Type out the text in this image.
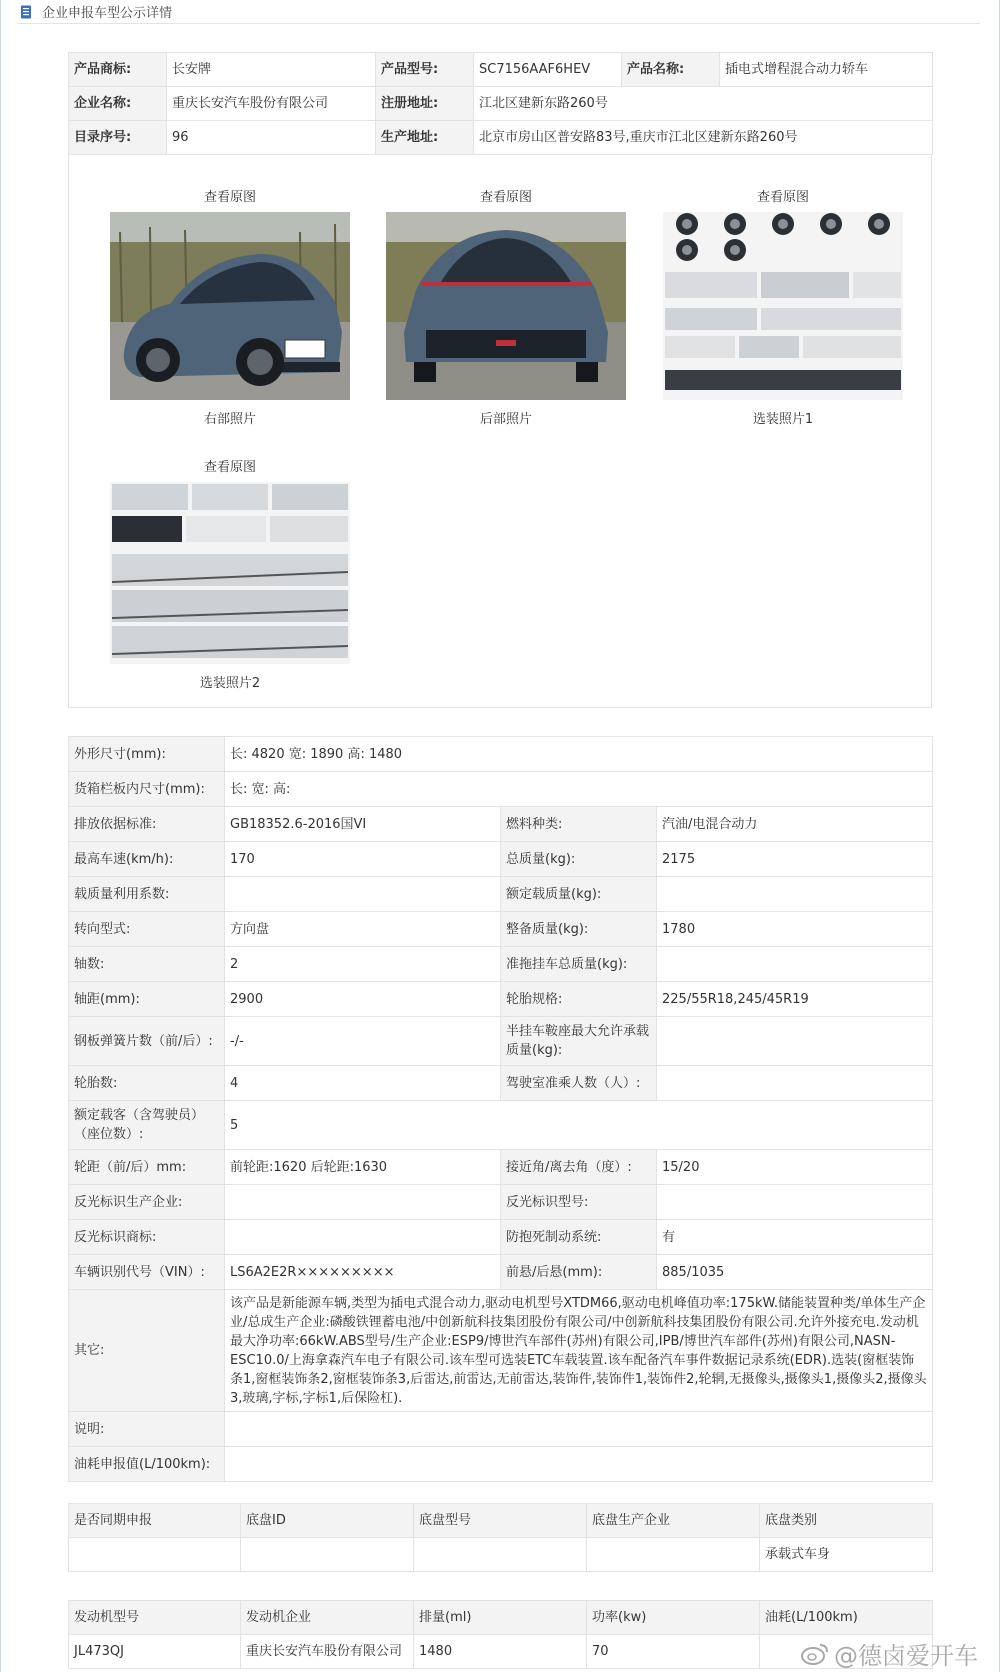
企业申报车型公示详情
产品商标:	长安牌	产品型号:	SC7156AAF6HEV	产品名称:	插电式增程混合动力轿车
企业名称:	重庆长安汽车股份有限公司	注册地址:	江北区建新东路260号		
目录序号:	96	生产地址:	北京市房山区普安路83号,重庆市江北区建新东路260号		
查看原图
右部照片
查看原图
后部照片
查看原图
选装照片1
查看原图
选装照片2
外形尺寸(mm):	长: 4820 宽: 1890 高: 1480		
货箱栏板内尺寸(mm):	长: 宽: 高:		
排放依据标准:	GB18352.6-2016国VI	燃料种类:	汽油/电混合动力
最高车速(km/h):	170	总质量(kg):	2175
载质量利用系数:		额定载质量(kg):	
转向型式:	方向盘	整备质量(kg):	1780
轴数:	2	准拖挂车总质量(kg):	
轴距(mm):	2900	轮胎规格:	225/55R18,245/45R19
钢板弹簧片数（前/后）:	-/-	半挂车鞍座最大允许承载质量(kg):	
轮胎数:	4	驾驶室准乘人数（人）:	
额定载客（含驾驶员）（座位数）:	5		
轮距（前/后）mm:	前轮距:1620 后轮距:1630	接近角/离去角（度）:	15/20
反光标识生产企业:		反光标识型号:	
反光标识商标:		防抱死制动系统:	有
车辆识别代号（VIN）:	LS6A2E2R×××××××××	前悬/后悬(mm):	885/1035
其它:	该产品是新能源车辆,类型为插电式混合动力,驱动电机型号XTDM66,驱动电机峰值功率:175kW.储能装置种类/单体生产企业/总成生产企业:磷酸铁锂蓄电池/中创新航科技集团股份有限公司/中创新航科技集团股份有限公司.允许外接充电.发动机最大净功率:66kW.ABS型号/生产企业:ESP9/博世汽车部件(苏州)有限公司,IPB/博世汽车部件(苏州)有限公司,NASN-ESC10.0/上海拿森汽车电子有限公司.该车型可选装ETC车载装置.该车配备汽车事件数据记录系统(EDR).选装(窗框装饰条1,窗框装饰条2,窗框装饰条3,后雷达,前雷达,无前雷达,装饰件,装饰件1,装饰件2,轮辋,无摄像头,摄像头1,摄像头2,摄像头3,玻璃,字标,字标1,后保险杠).		
说明:			
油耗申报值(L/100km):			
是否同期申报	底盘ID	底盘型号	底盘生产企业	底盘类别
				承载式车身
发动机型号	发动机企业	排量(ml)	功率(kw)	油耗(L/100km)
JL473QJ	重庆长安汽车股份有限公司	1480	70		@德卤爱开车
